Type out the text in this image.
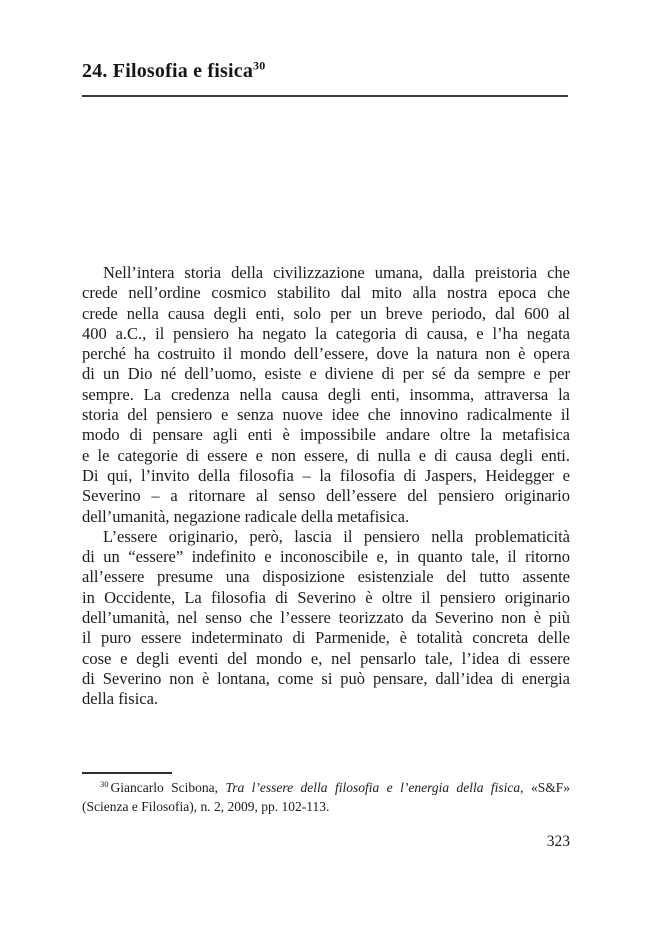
24. Filosofia e fisica$^{30}$
Nell’intera storia della civilizzazione umana, dalla preistoria che
crede nell’ordine cosmico stabilito dal mito alla nostra epoca che
crede nella causa degli enti, solo per un breve periodo, dal 600 al
400 a.C., il pensiero ha negato la categoria di causa, e l’ha negata
perché ha costruito il mondo dell’essere, dove la natura non è opera
di un Dio né dell’uomo, esiste e diviene di per sé da sempre e per
sempre. La credenza nella causa degli enti, insomma, attraversa la
storia del pensiero e senza nuove idee che innovino radicalmente il
modo di pensare agli enti è impossibile andare oltre la metafisica
e le categorie di essere e non essere, di nulla e di causa degli enti.
Di qui, l’invito della filosofia – la filosofia di Jaspers, Heidegger e
Severino – a ritornare al senso dell’essere del pensiero originario
dell’umanità, negazione radicale della metafisica.
L’essere originario, però, lascia il pensiero nella problematicità
di un “essere” indefinito e inconoscibile e, in quanto tale, il ritorno
all’essere presume una disposizione esistenziale del tutto assente
in Occidente, La filosofia di Severino è oltre il pensiero originario
dell’umanità, nel senso che l’essere teorizzato da Severino non è più
il puro essere indeterminato di Parmenide, è totalità concreta delle
cose e degli eventi del mondo e, nel pensarlo tale, l’idea di essere
di Severino non è lontana, come si può pensare, dall’idea di energia
della fisica.
$^{30}$ Giancarlo Scibona, Tra l’essere della filosofia e l’energia della fisica, «S&F» (Scienza e Filosofia), n. 2, 2009, pp. 102-113.
323
